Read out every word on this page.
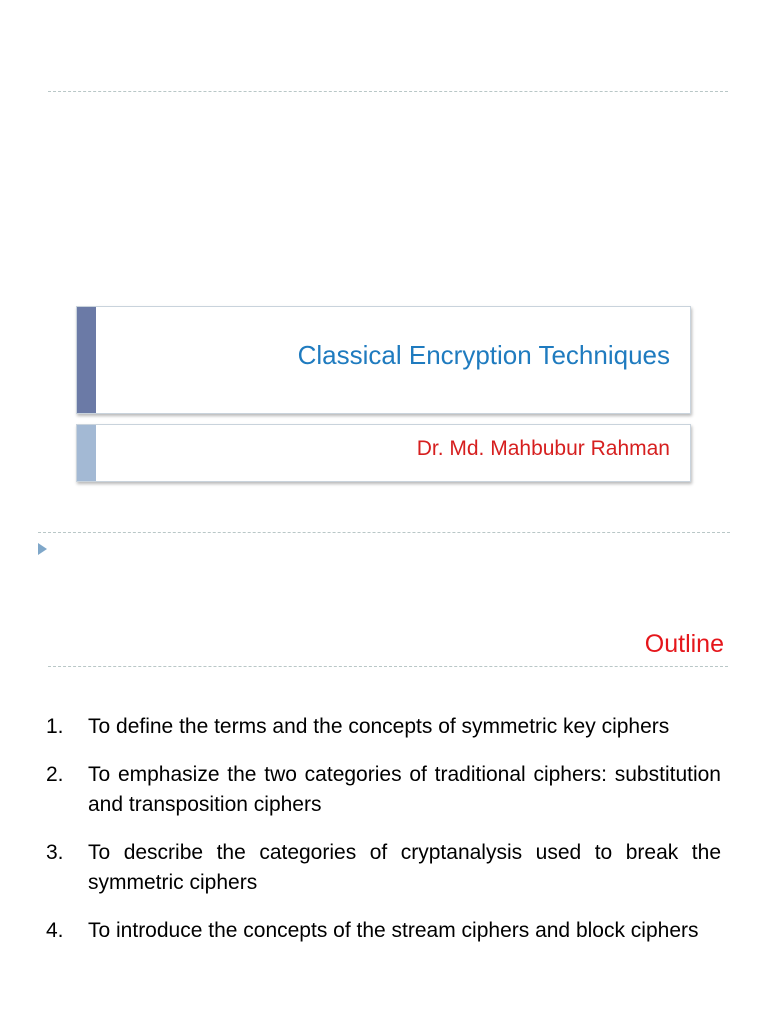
Classical Encryption Techniques
Dr. Md. Mahbubur Rahman
Outline
1. To define the terms and the concepts of symmetric key ciphers
2. To emphasize the two categories of traditional ciphers: substitution and transposition ciphers
3. To describe the categories of cryptanalysis used to break the symmetric ciphers
4. To introduce the concepts of the stream ciphers and block ciphers
